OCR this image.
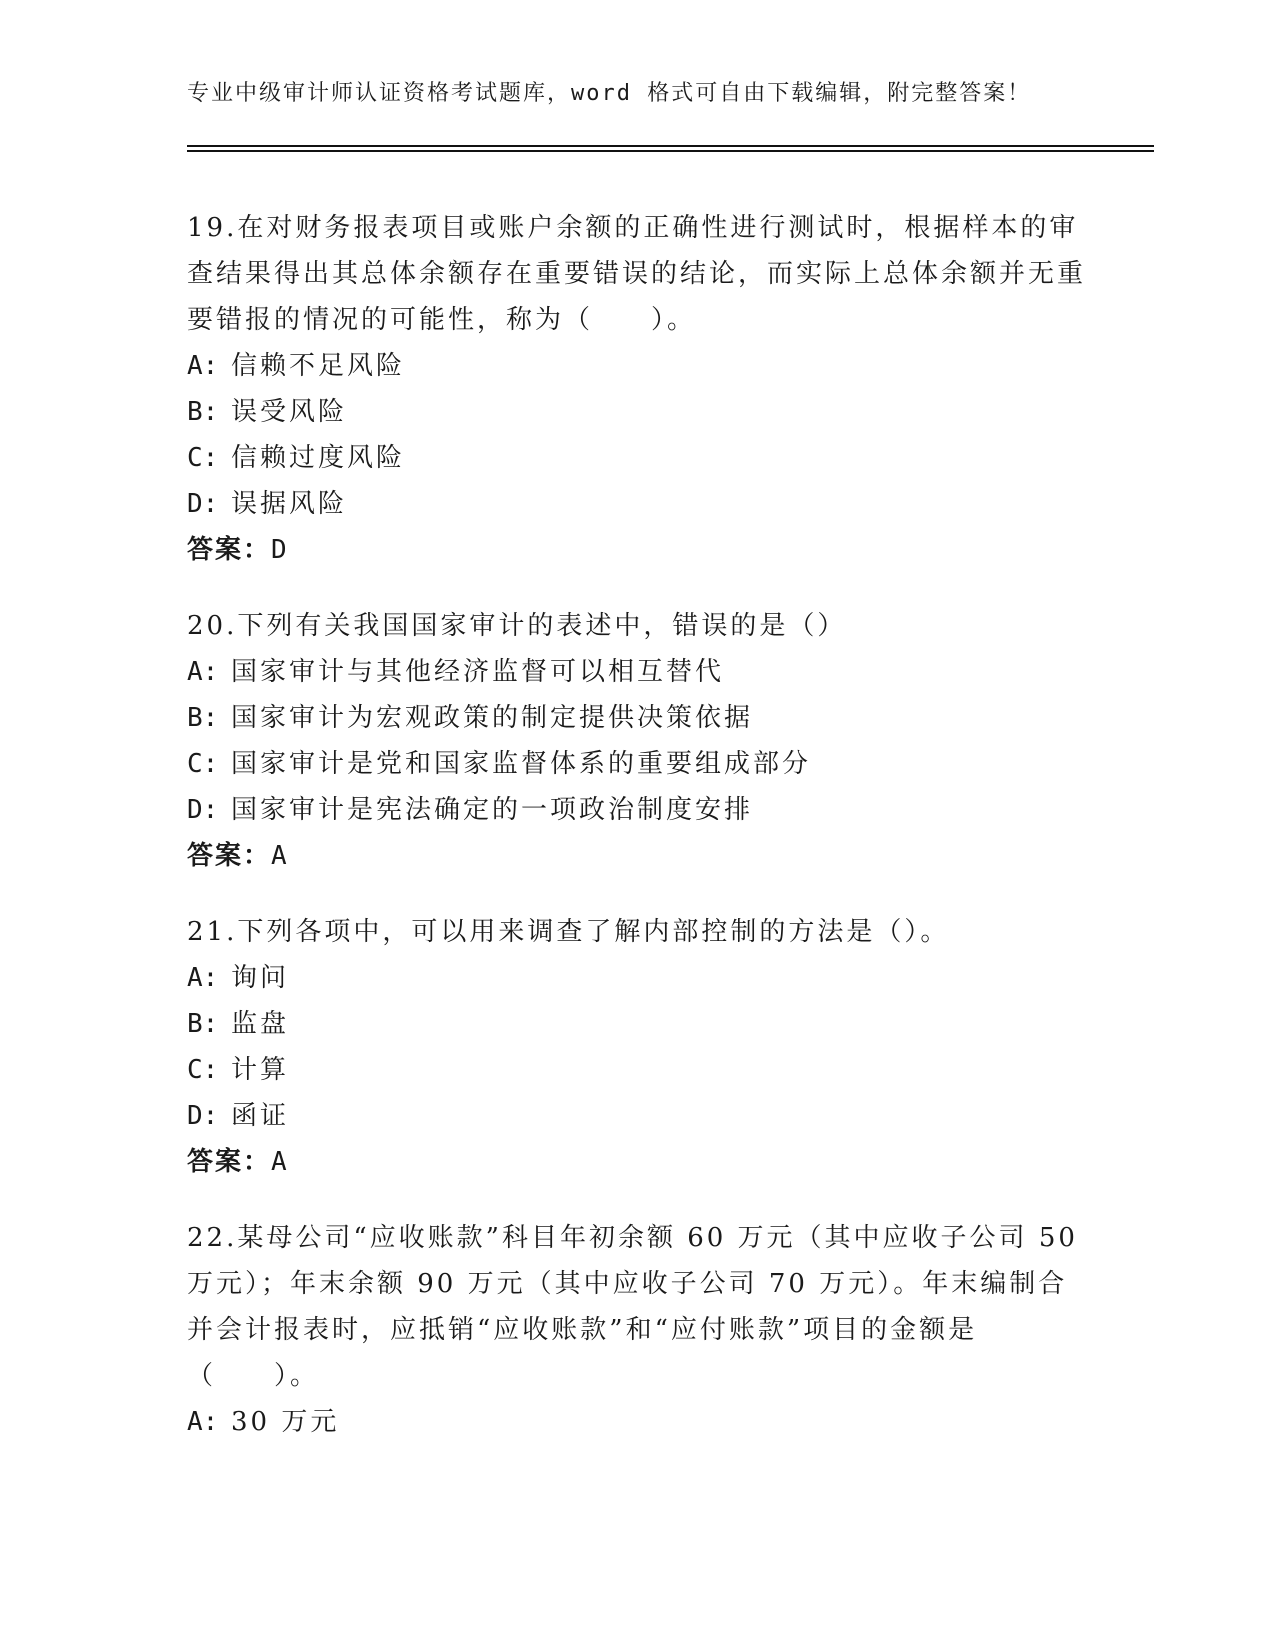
专业中级审计师认证资格考试题库，word 格式可自由下载编辑，附完整答案！

19.在对财务报表项目或账户余额的正确性进行测试时，根据样本的审查结果得出其总体余额存在重要错误的结论，而实际上总体余额并无重要错报的情况的可能性，称为（　　）。

A: 信赖不足风险
B: 误受风险
C: 信赖过度风险
D: 误据风险
答案：D

20.下列有关我国国家审计的表述中，错误的是（）

A: 国家审计与其他经济监督可以相互替代
B: 国家审计为宏观政策的制定提供决策依据
C: 国家审计是党和国家监督体系的重要组成部分
D: 国家审计是宪法确定的一项政治制度安排
答案：A

21.下列各项中，可以用来调查了解内部控制的方法是（）。

A: 询问
B: 监盘
C: 计算
D: 函证
答案：A

22.某母公司“应收账款”科目年初余额 60 万元（其中应收子公司 50 万元）；年末余额 90 万元（其中应收子公司 70 万元）。年末编制合并会计报表时，应抵销“应收账款”和“应付账款”项目的金额是（　　）。

A: 30 万元
